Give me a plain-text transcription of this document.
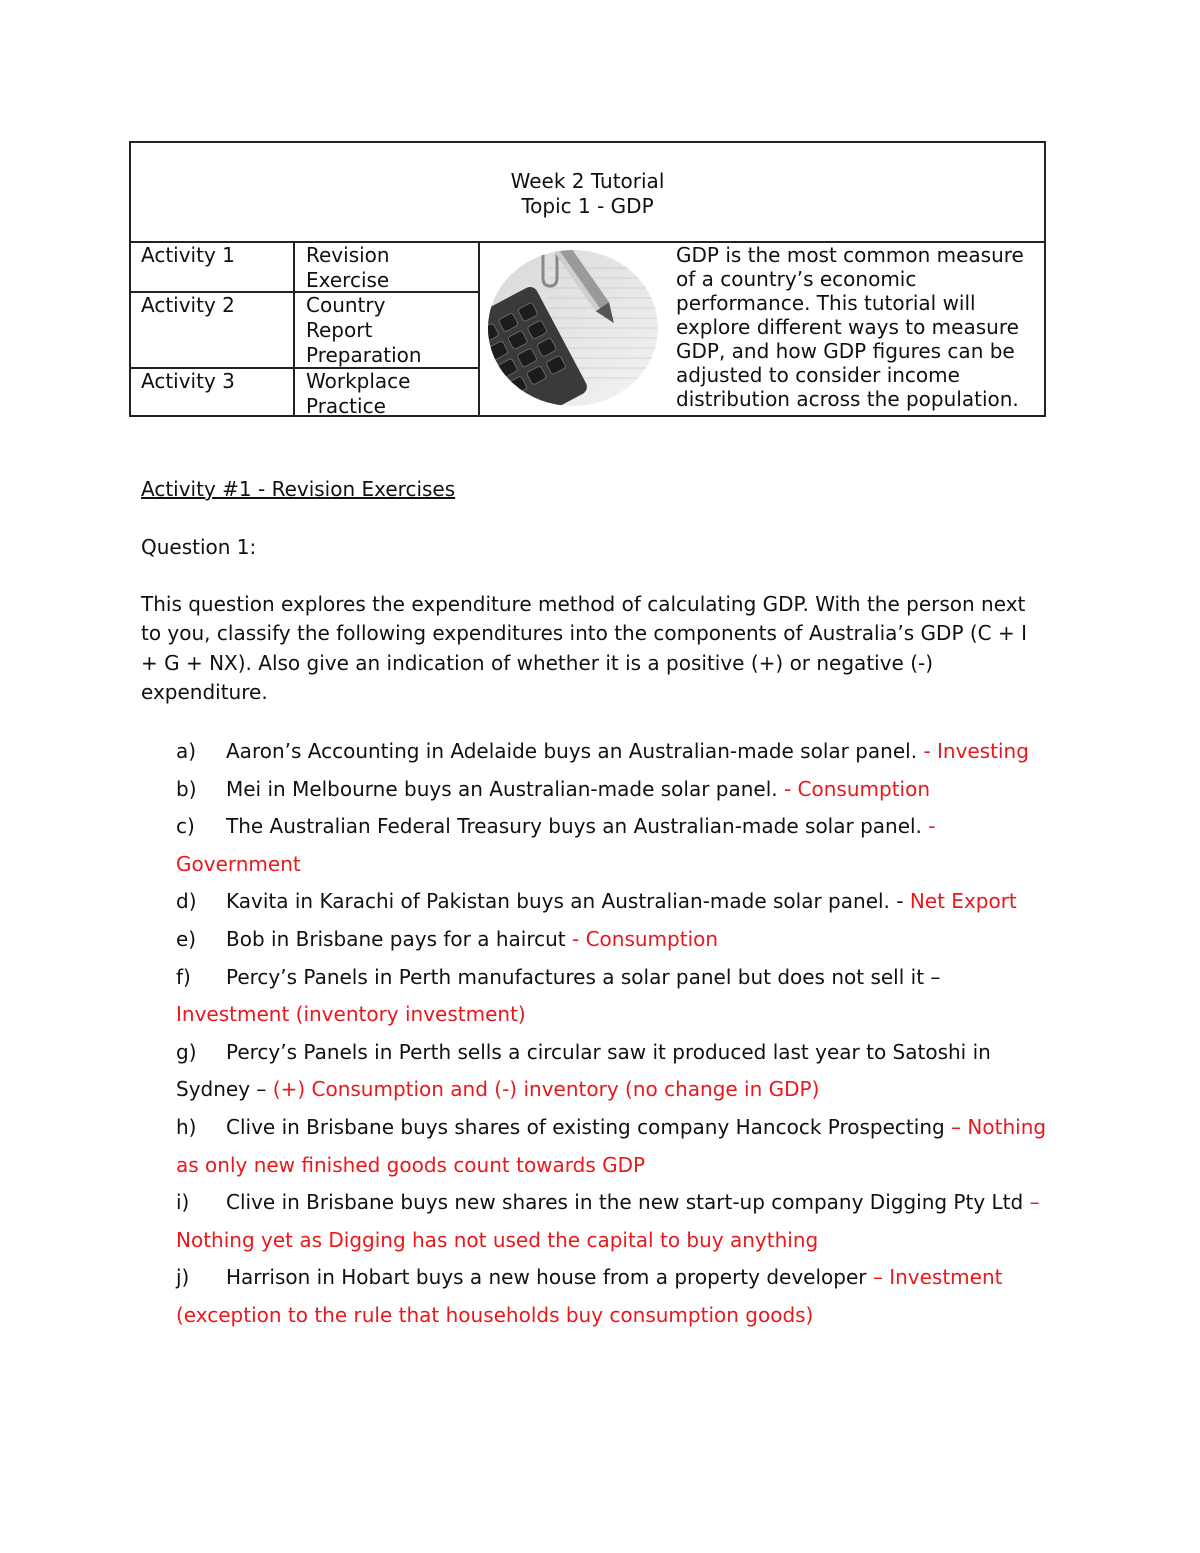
Week 2 Tutorial
Topic 1 - GDP
Activity 1	Revision Exercise
Activity 2	Country Report Preparation
Activity 3	Workplace Practice
GDP is the most common measure of a country’s economic performance. This tutorial will explore different ways to measure GDP, and how GDP figures can be adjusted to consider income distribution across the population.
Activity #1 - Revision Exercises
Question 1:
This question explores the expenditure method of calculating GDP. With the person next to you, classify the following expenditures into the components of Australia’s GDP (C + I + G + NX). Also give an indication of whether it is a positive (+) or negative (-) expenditure.
a) Aaron’s Accounting in Adelaide buys an Australian-made solar panel. - Investing
b) Mei in Melbourne buys an Australian-made solar panel. - Consumption
c) The Australian Federal Treasury buys an Australian-made solar panel. - Government
d) Kavita in Karachi of Pakistan buys an Australian-made solar panel. - Net Export
e) Bob in Brisbane pays for a haircut - Consumption
f) Percy’s Panels in Perth manufactures a solar panel but does not sell it – Investment (inventory investment)
g) Percy’s Panels in Perth sells a circular saw it produced last year to Satoshi in Sydney – (+) Consumption and (-) inventory (no change in GDP)
h) Clive in Brisbane buys shares of existing company Hancock Prospecting – Nothing as only new finished goods count towards GDP
i) Clive in Brisbane buys new shares in the new start-up company Digging Pty Ltd – Nothing yet as Digging has not used the capital to buy anything
j) Harrison in Hobart buys a new house from a property developer – Investment (exception to the rule that households buy consumption goods)
